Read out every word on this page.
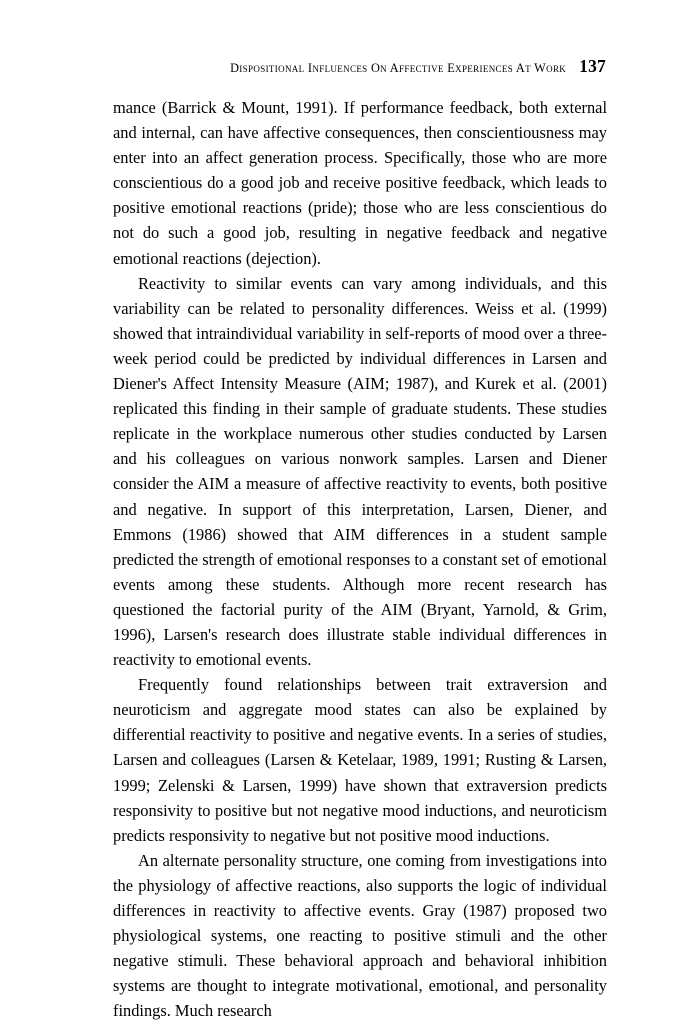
Dispositional Influences On Affective Experiences At Work 137

mance (Barrick & Mount, 1991). If performance feedback, both external and internal, can have affective consequences, then conscientiousness may enter into an affect generation process. Specifically, those who are more conscientious do a good job and receive positive feedback, which leads to positive emotional reactions (pride); those who are less conscientious do not do such a good job, resulting in negative feedback and negative emotional reactions (dejection).

Reactivity to similar events can vary among individuals, and this variability can be related to personality differences. Weiss et al. (1999) showed that intraindividual variability in self-reports of mood over a three-week period could be predicted by individual differences in Larsen and Diener's Affect Intensity Measure (AIM; 1987), and Kurek et al. (2001) replicated this finding in their sample of graduate students. These studies replicate in the workplace numerous other studies conducted by Larsen and his colleagues on various nonwork samples. Larsen and Diener consider the AIM a measure of affective reactivity to events, both positive and negative. In support of this interpretation, Larsen, Diener, and Emmons (1986) showed that AIM differences in a student sample predicted the strength of emotional responses to a constant set of emotional events among these students. Although more recent research has questioned the factorial purity of the AIM (Bryant, Yarnold, & Grim, 1996), Larsen's research does illustrate stable individual differences in reactivity to emotional events.

Frequently found relationships between trait extraversion and neuroticism and aggregate mood states can also be explained by differential reactivity to positive and negative events. In a series of studies, Larsen and colleagues (Larsen & Ketelaar, 1989, 1991; Rusting & Larsen, 1999; Zelenski & Larsen, 1999) have shown that extraversion predicts responsivity to positive but not negative mood inductions, and neuroticism predicts responsivity to negative but not positive mood inductions.

An alternate personality structure, one coming from investigations into the physiology of affective reactions, also supports the logic of individual differences in reactivity to affective events. Gray (1987) proposed two physiological systems, one reacting to positive stimuli and the other negative stimuli. These behavioral approach and behavioral inhibition systems are thought to integrate motivational, emotional, and personality findings. Much research
